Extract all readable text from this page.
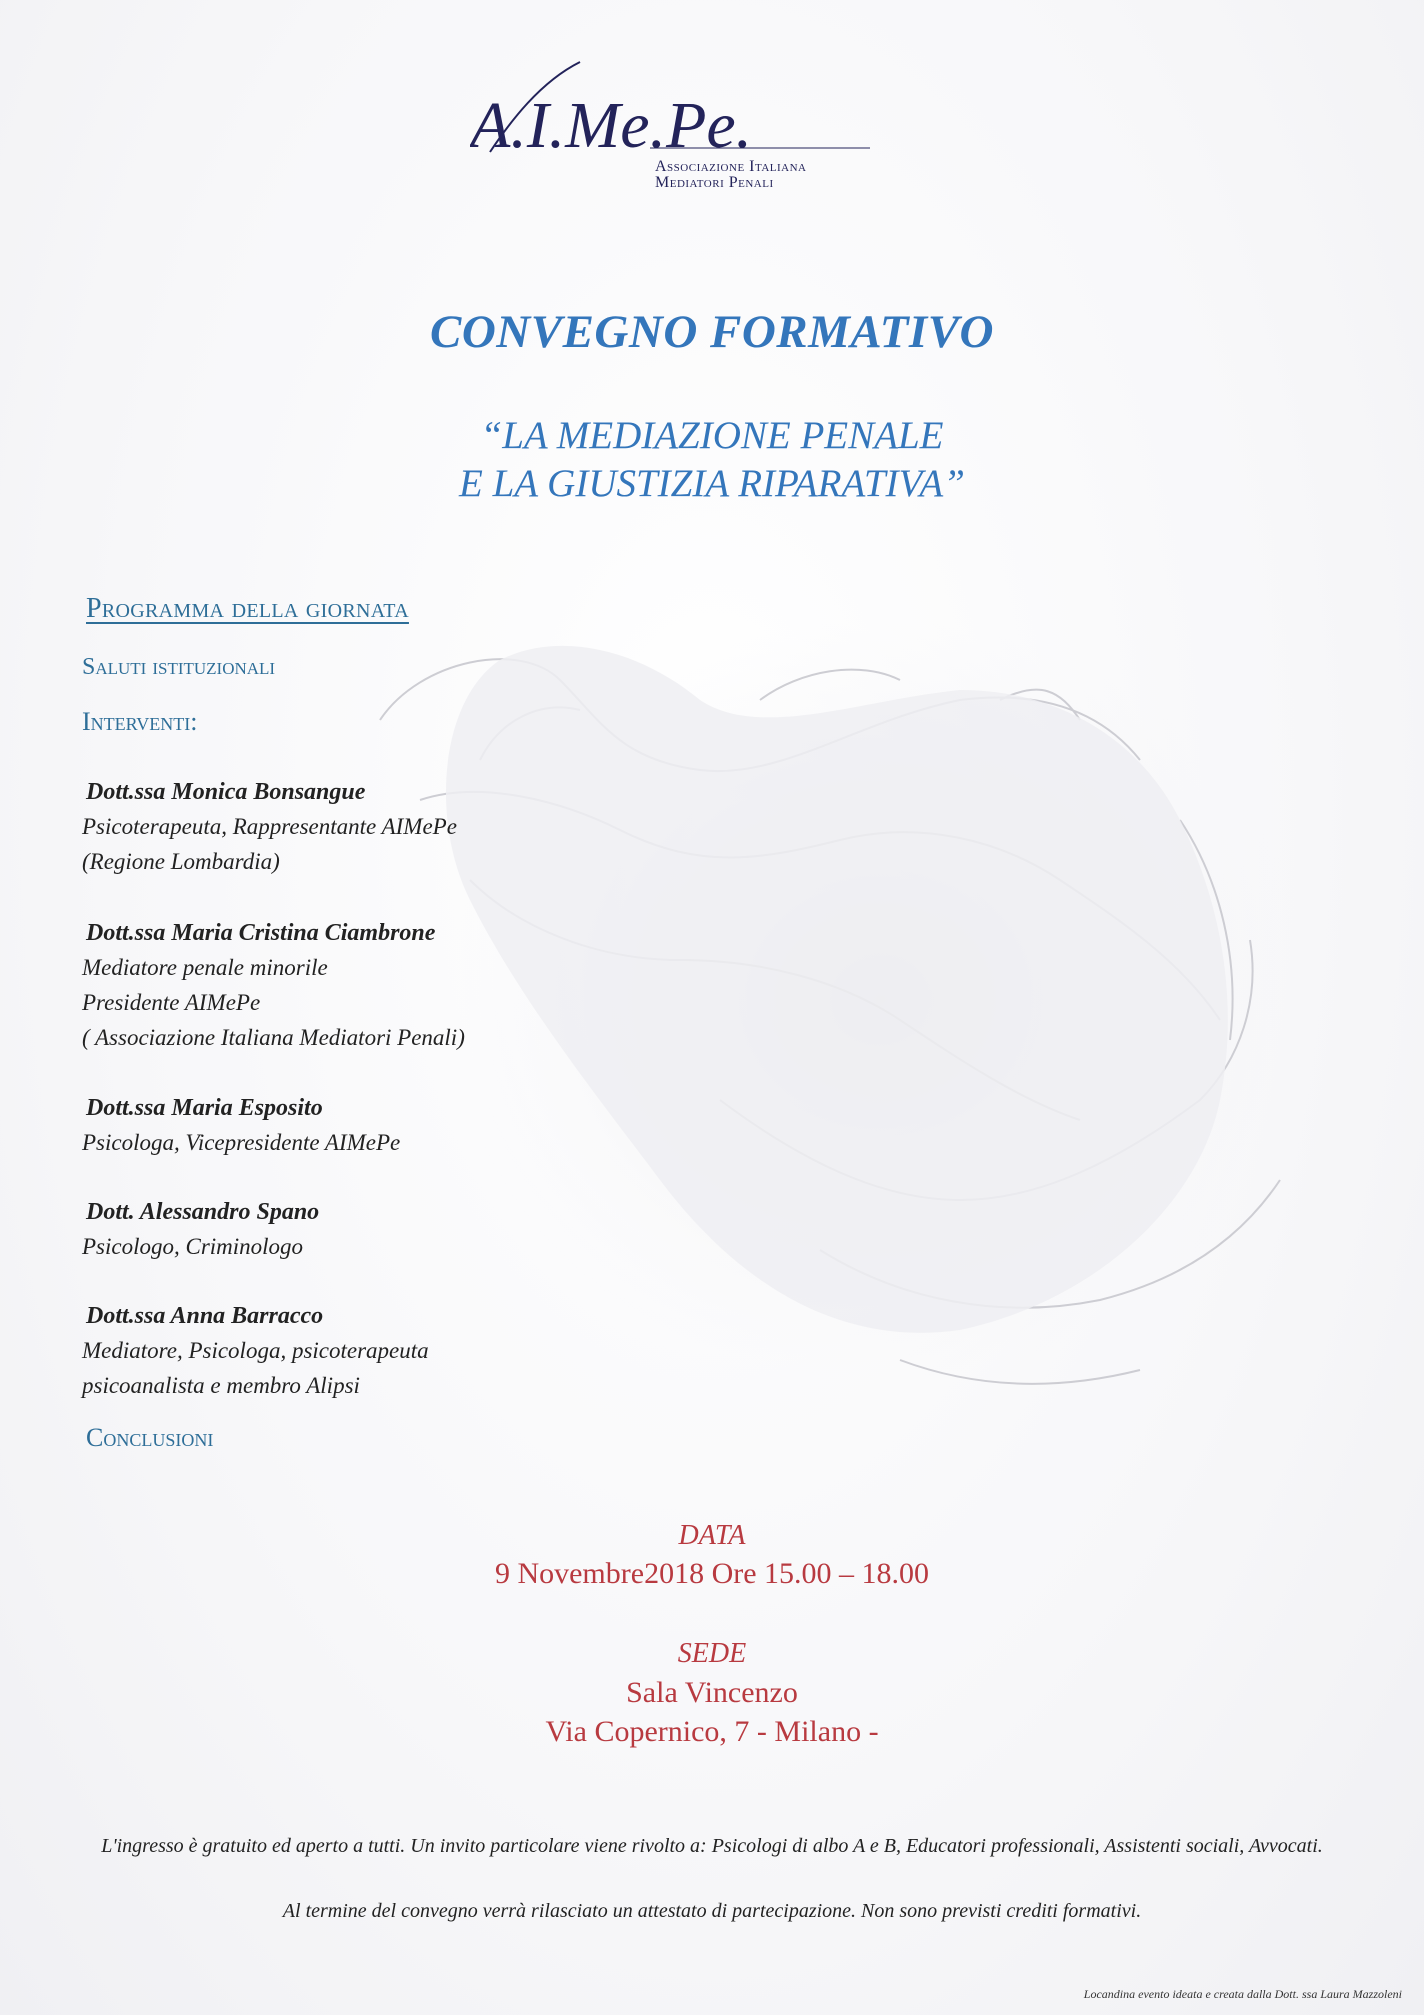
A.I.Me.Pe.
Associazione Italiana
Mediatori Penali
CONVEGNO FORMATIVO
“LA MEDIAZIONE PENALE
E LA GIUSTIZIA RIPARATIVA”
Programma della giornata
Saluti istituzionali
Interventi:
Dott.ssa Monica Bonsangue
Psicoterapeuta, Rappresentante AIMePe
(Regione Lombardia)
Dott.ssa Maria Cristina Ciambrone
Mediatore penale minorile
Presidente AIMePe
( Associazione Italiana Mediatori Penali)
Dott.ssa Maria Esposito
Psicologa, Vicepresidente AIMePe
Dott. Alessandro Spano
Psicologo, Criminologo
Dott.ssa Anna Barracco
Mediatore, Psicologa, psicoterapeuta
psicoanalista e membro Alipsi
Conclusioni
DATA
9 Novembre2018 Ore 15.00 – 18.00
SEDE
Sala Vincenzo
Via Copernico, 7 - Milano -
L'ingresso è gratuito ed aperto a tutti. Un invito particolare viene rivolto a: Psicologi di albo A e B, Educatori professionali, Assistenti sociali, Avvocati.
Al termine del convegno verrà rilasciato un attestato di partecipazione. Non sono previsti crediti formativi.
Locandina evento ideata e creata dalla Dott. ssa Laura Mazzoleni
